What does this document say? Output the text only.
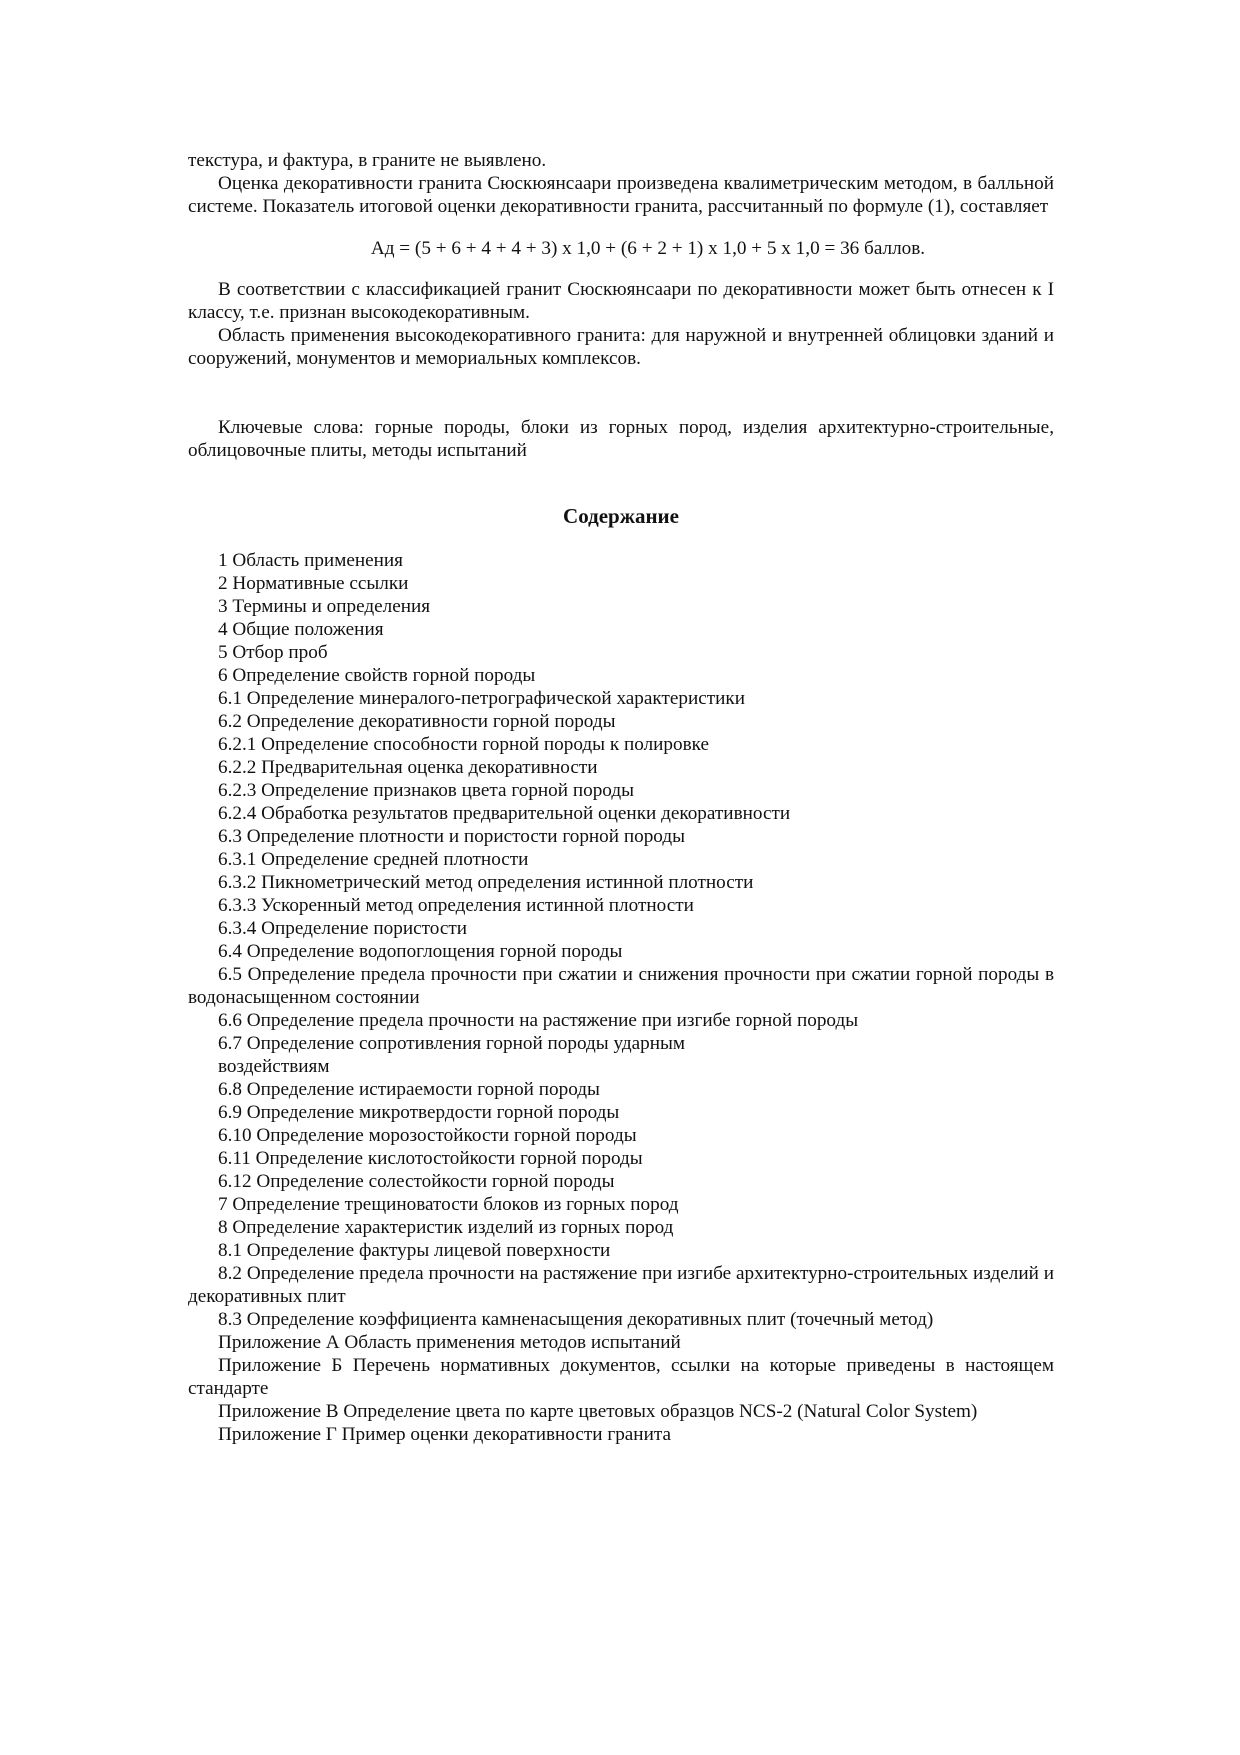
текстура, и фактура, в граните не выявлено.

Оценка декоративности гранита Сюскюянсаари произведена квалиметрическим методом, в балльной системе. Показатель итоговой оценки декоративности гранита, рассчитанный по формуле (1), составляет

Ад = (5 + 6 + 4 + 4 + 3) х 1,0 + (6 + 2 + 1) х 1,0 + 5 х 1,0 = 36 баллов.

В соответствии с классификацией гранит Сюскюянсаари по декоративности может быть отнесен к I классу, т.е. признан высокодекоративным.

Область применения высокодекоративного гранита: для наружной и внутренней облицовки зданий и сооружений, монументов и мемориальных комплексов.

Ключевые слова: горные породы, блоки из горных пород, изделия архитектурно-строительные, облицовочные плиты, методы испытаний

Содержание

1 Область применения

2 Нормативные ссылки

3 Термины и определения

4 Общие положения

5 Отбор проб

6 Определение свойств горной породы

6.1 Определение минералого-петрографической характеристики

6.2 Определение декоративности горной породы

6.2.1 Определение способности горной породы к полировке

6.2.2 Предварительная оценка декоративности

6.2.3 Определение признаков цвета горной породы

6.2.4 Обработка результатов предварительной оценки декоративности

6.3 Определение плотности и пористости горной породы

6.3.1 Определение средней плотности

6.3.2 Пикнометрический метод определения истинной плотности

6.3.3 Ускоренный метод определения истинной плотности

6.3.4 Определение пористости

6.4 Определение водопоглощения горной породы

6.5 Определение предела прочности при сжатии и снижения прочности при сжатии горной породы в водонасыщенном состоянии

6.6 Определение предела прочности на растяжение при изгибе горной породы

6.7 Определение сопротивления горной породы ударным

воздействиям

6.8 Определение истираемости горной породы

6.9 Определение микротвердости горной породы

6.10 Определение морозостойкости горной породы

6.11 Определение кислотостойкости горной породы

6.12 Определение солестойкости горной породы

7 Определение трещиноватости блоков из горных пород

8 Определение характеристик изделий из горных пород

8.1 Определение фактуры лицевой поверхности

8.2 Определение предела прочности на растяжение при изгибе архитектурно-строительных изделий и декоративных плит

8.3 Определение коэффициента камненасыщения декоративных плит (точечный метод)

Приложение А Область применения методов испытаний

Приложение Б Перечень нормативных документов, ссылки на которые приведены в настоящем стандарте

Приложение В Определение цвета по карте цветовых образцов NCS-2 (Natural Color System)

Приложение Г Пример оценки декоративности гранита
